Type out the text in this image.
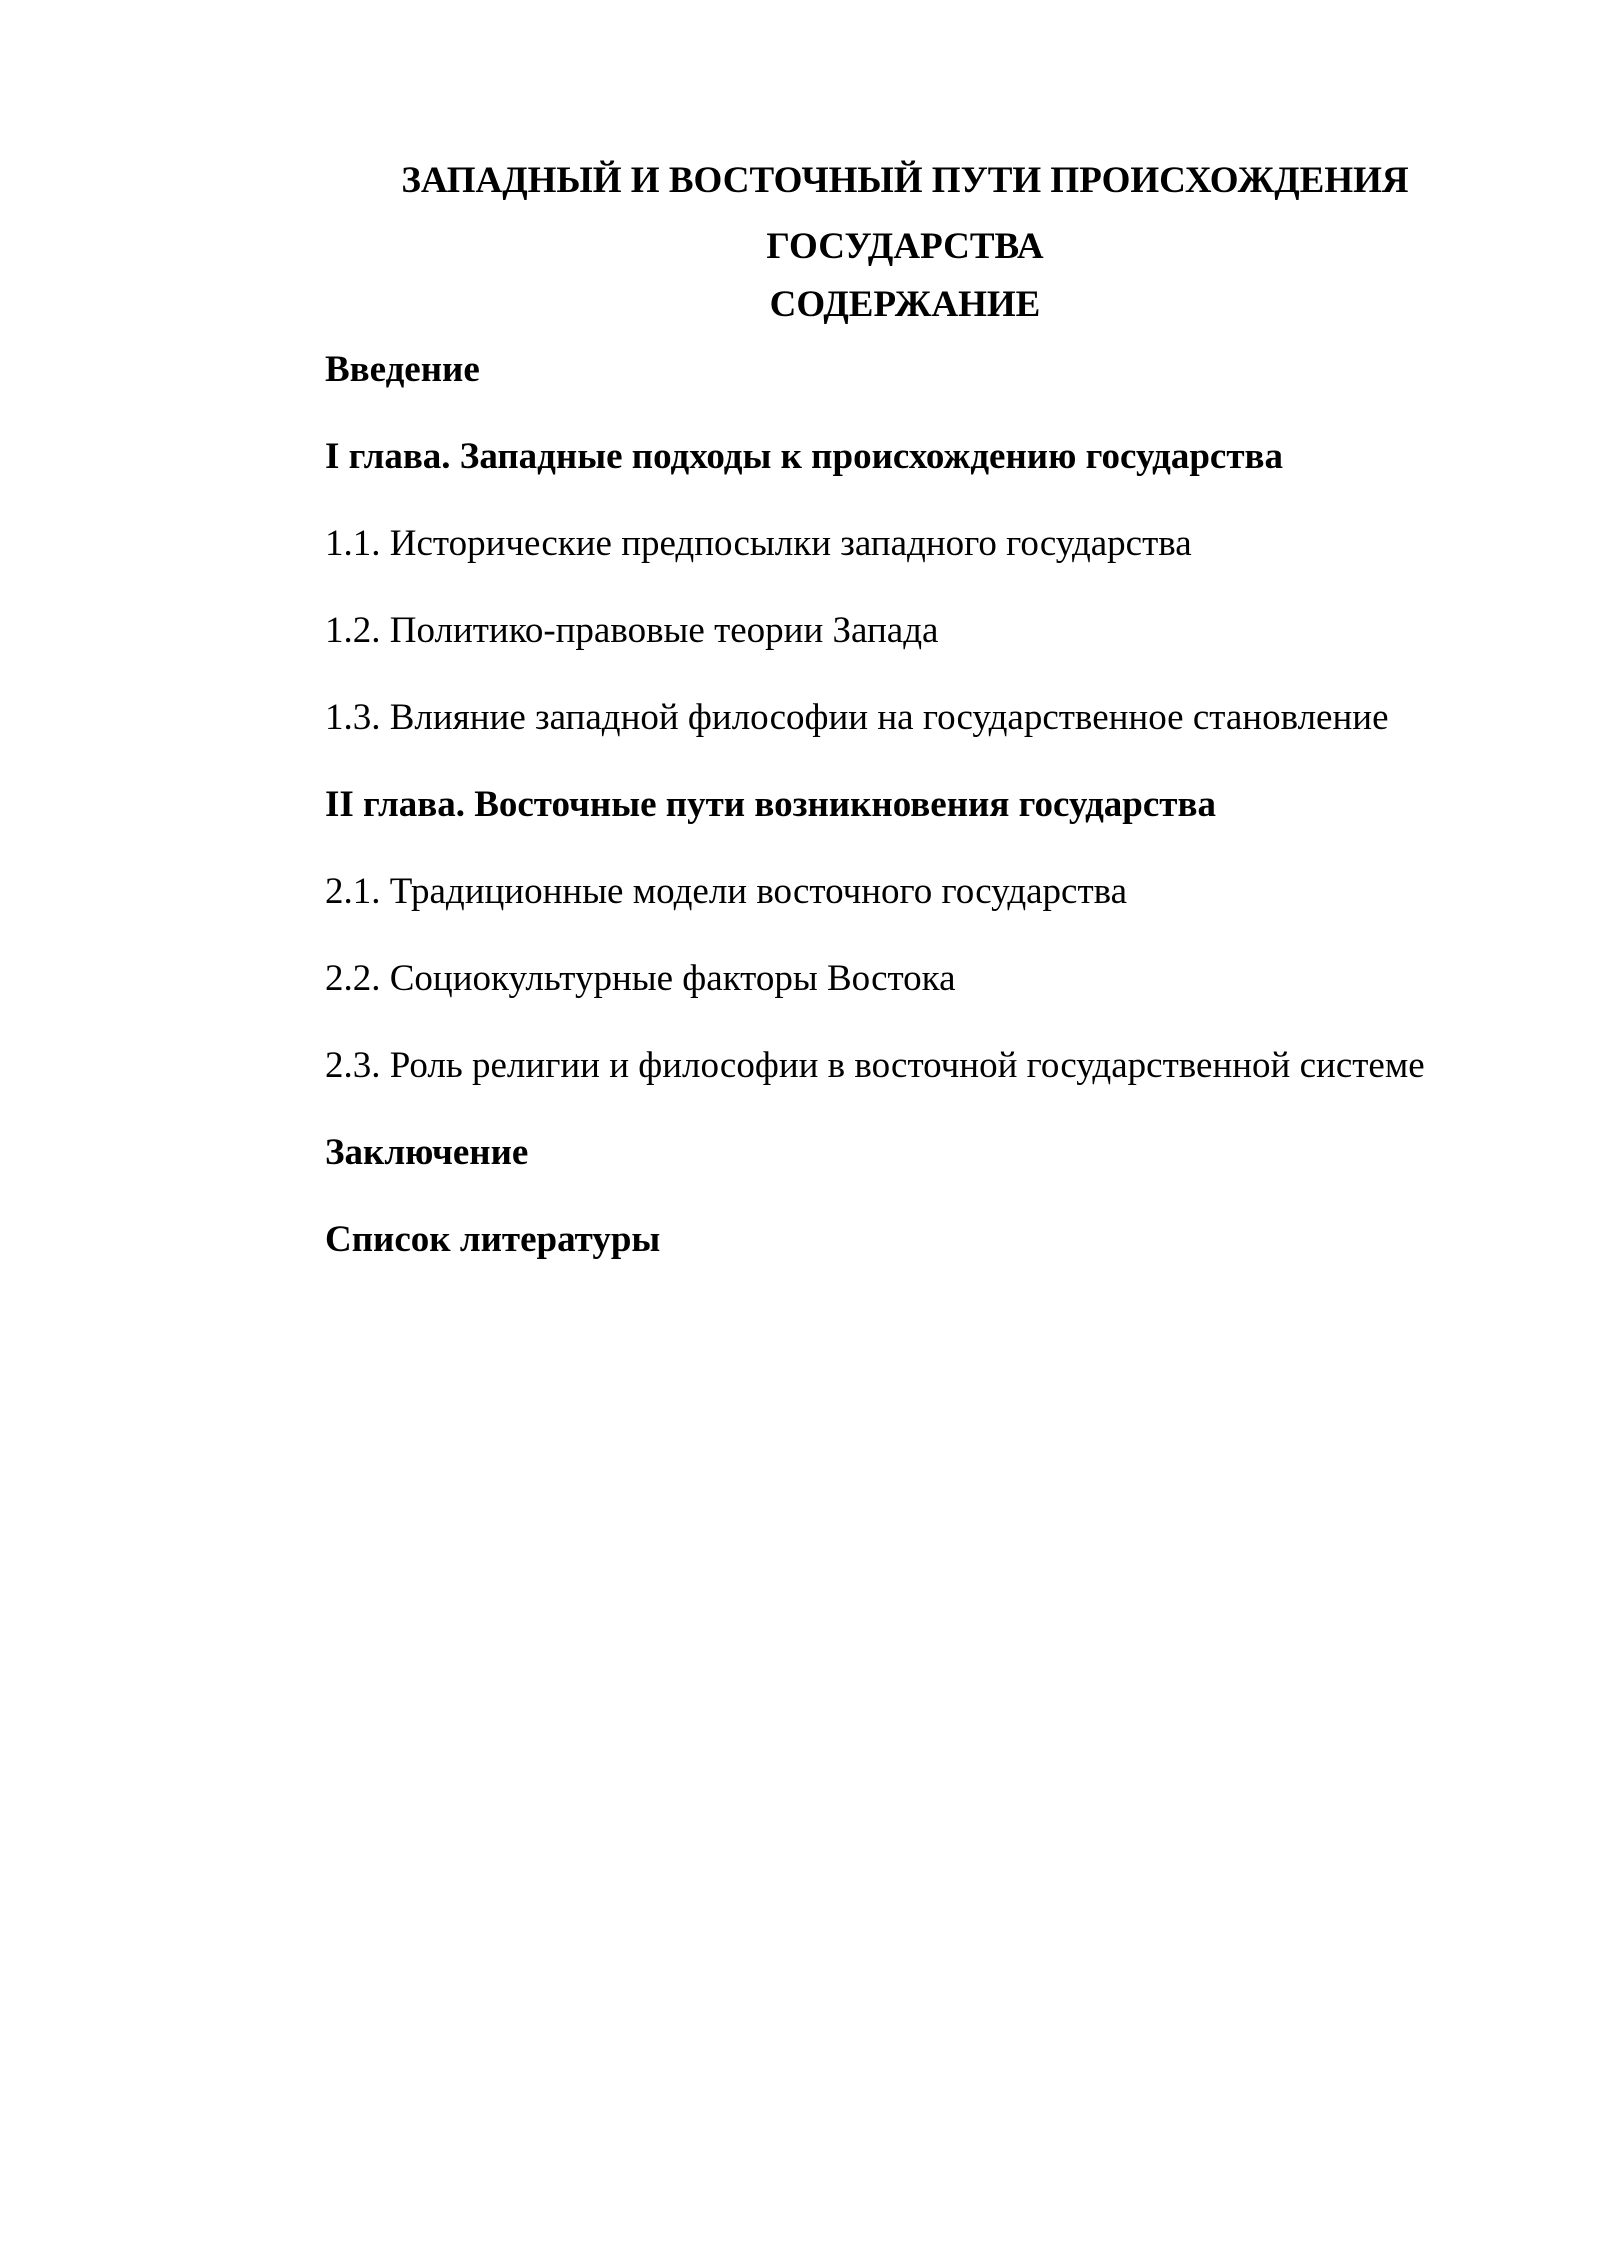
ЗАПАДНЫЙ И ВОСТОЧНЫЙ ПУТИ ПРОИСХОЖДЕНИЯ
ГОСУДАРСТВА
СОДЕРЖАНИЕ
Введение
I глава. Западные подходы к происхождению государства
1.1. Исторические предпосылки западного государства
1.2. Политико-правовые теории Запада
1.3. Влияние западной философии на государственное становление
II глава. Восточные пути возникновения государства
2.1. Традиционные модели восточного государства
2.2. Социокультурные факторы Востока
2.3. Роль религии и философии в восточной государственной системе
Заключение
Список литературы
